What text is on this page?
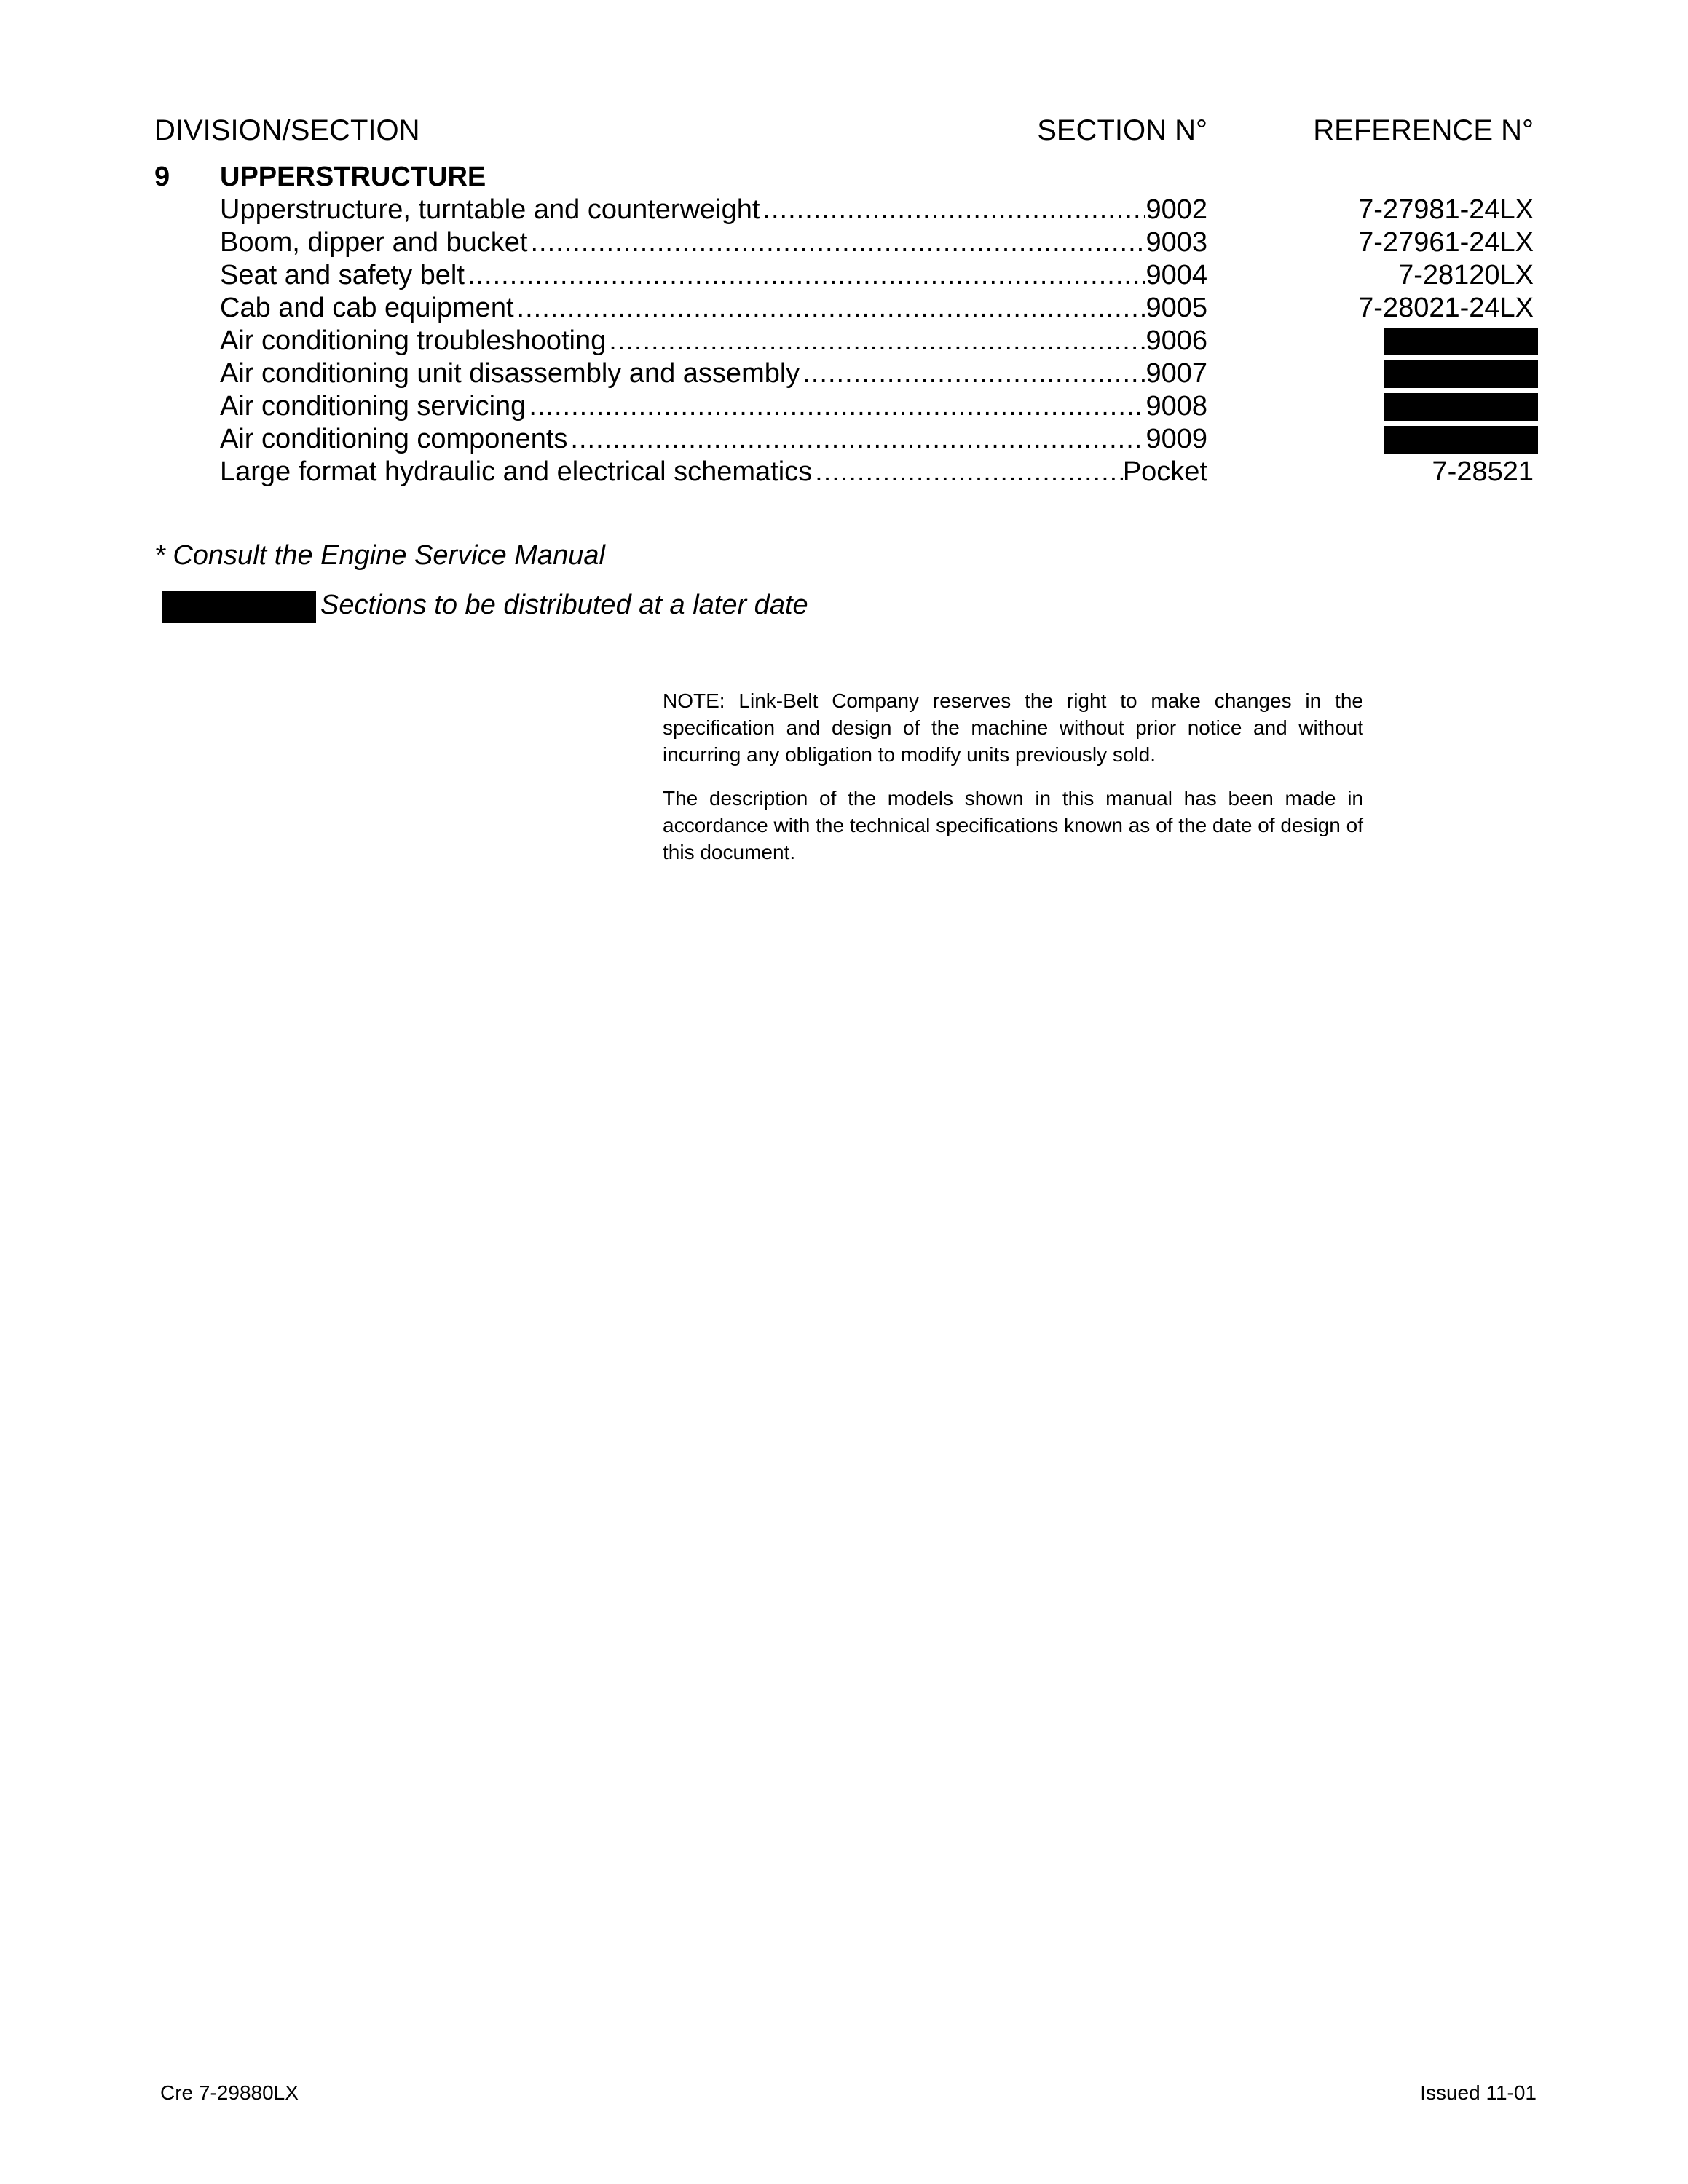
DIVISION/SECTION	SECTION N°	REFERENCE N°
9 UPPERSTRUCTURE
Upperstructure, turntable and counterweight .....	9002	7-27981-24LX
Boom, dipper and bucket .....	9003	7-27961-24LX
Seat and safety belt .....	9004	7-28120LX
Cab and cab equipment .....	9005	7-28021-24LX
Air conditioning troubleshooting .....	9006
Air conditioning unit disassembly and assembly .....	9007
Air conditioning servicing .....	9008
Air conditioning components .....	9009
Large format hydraulic and electrical schematics .....	Pocket	7-28521
* Consult the Engine Service Manual
Sections to be distributed at a later date
NOTE: Link-Belt Company reserves the right to make changes in the specification and design of the machine without prior notice and without incurring any obligation to modify units previously sold.
The description of the models shown in this manual has been made in accordance with the technical specifications known as of the date of design of this document.
Cre 7-29880LX	Issued 11-01
